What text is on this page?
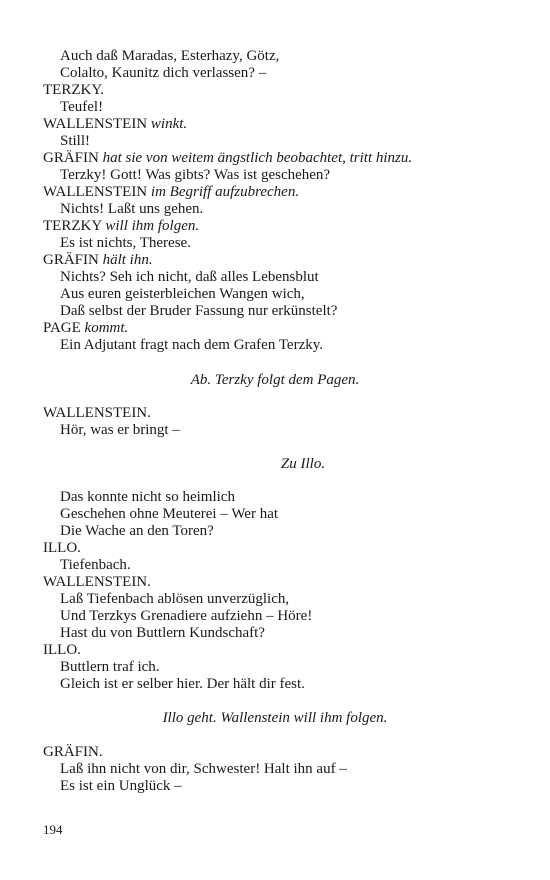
Auch daß Maradas, Esterhazy, Götz,
Colalto, Kaunitz dich verlassen? –
TERZKY.
Teufel!
WALLENSTEIN winkt.
Still!
GRÄFIN hat sie von weitem ängstlich beobachtet, tritt hinzu.
Terzky! Gott! Was gibts? Was ist geschehen?
WALLENSTEIN im Begriff aufzubrechen.
Nichts! Laßt uns gehen.
TERZKY will ihm folgen.
Es ist nichts, Therese.
GRÄFIN hält ihn.
Nichts? Seh ich nicht, daß alles Lebensblut
Aus euren geisterbleichen Wangen wich,
Daß selbst der Bruder Fassung nur erkünstelt?
PAGE kommt.
Ein Adjutant fragt nach dem Grafen Terzky.
Ab. Terzky folgt dem Pagen.
WALLENSTEIN.
Hör, was er bringt –
Zu Illo.
Das konnte nicht so heimlich
Geschehen ohne Meuterei – Wer hat
Die Wache an den Toren?
ILLO.
Tiefenbach.
WALLENSTEIN.
Laß Tiefenbach ablösen unverzüglich,
Und Terzkys Grenadiere aufziehn – Höre!
Hast du von Buttlern Kundschaft?
ILLO.
Buttlern traf ich.
Gleich ist er selber hier. Der hält dir fest.
Illo geht. Wallenstein will ihm folgen.
GRÄFIN.
Laß ihn nicht von dir, Schwester! Halt ihn auf –
Es ist ein Unglück –
194
